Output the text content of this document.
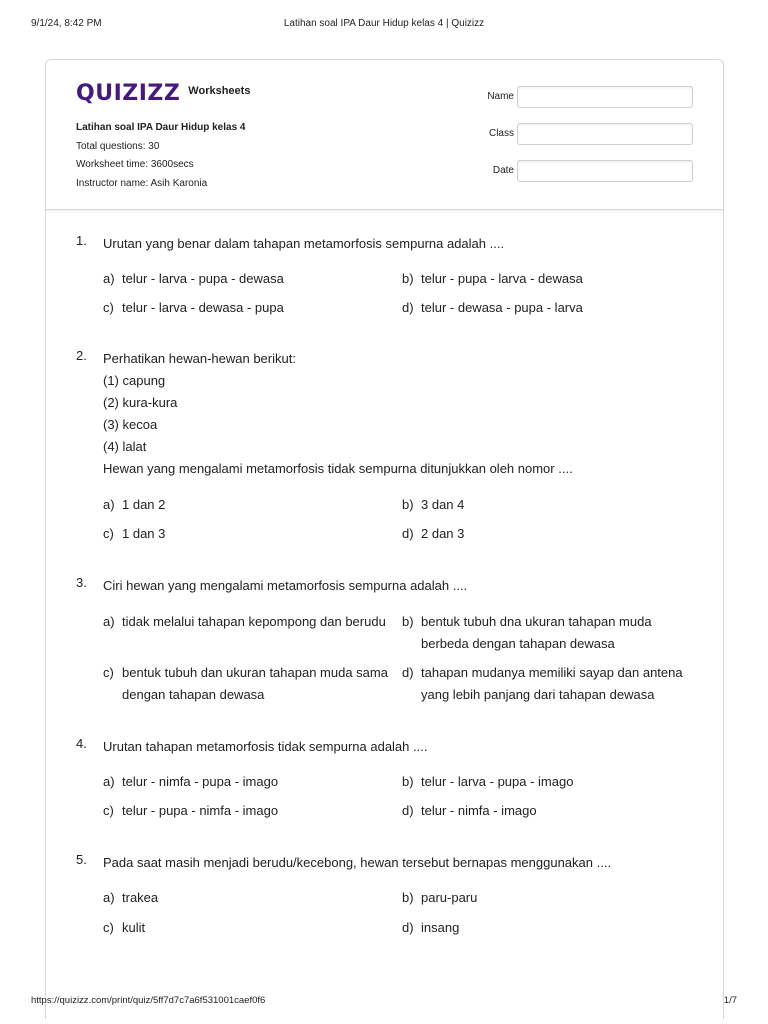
9/1/24, 8:42 PM	Latihan soal IPA Daur Hidup kelas 4 | Quizizz
QUIZIZZ Worksheets
Latihan soal IPA Daur Hidup kelas 4
Total questions: 30
Worksheet time: 3600secs
Instructor name: Asih Karonia
Name
Class
Date
1. Urutan yang benar dalam tahapan metamorfosis sempurna adalah ....
a) telur - larva - pupa - dewasa	b) telur - pupa - larva - dewasa
c) telur - larva - dewasa - pupa	d) telur - dewasa - pupa - larva
2. Perhatikan hewan-hewan berikut:
(1) capung
(2) kura-kura
(3) kecoa
(4) lalat
Hewan yang mengalami metamorfosis tidak sempurna ditunjukkan oleh nomor ....
a) 1 dan 2	b) 3 dan 4
c) 1 dan 3	d) 2 dan 3
3. Ciri hewan yang mengalami metamorfosis sempurna adalah ....
a) tidak melalui tahapan kepompong dan berudu	b) bentuk tubuh dna ukuran tahapan muda berbeda dengan tahapan dewasa
c) bentuk tubuh dan ukuran tahapan muda sama dengan tahapan dewasa
d) tahapan mudanya memiliki sayap dan antena yang lebih panjang dari tahapan dewasa
4. Urutan tahapan metamorfosis tidak sempurna adalah ....
a) telur - nimfa - pupa - imago	b) telur - larva - pupa - imago
c) telur - pupa - nimfa - imago	d) telur - nimfa - imago
5. Pada saat masih menjadi berudu/kecebong, hewan tersebut bernapas menggunakan ....
a) trakea	b) paru-paru
c) kulit	d) insang
https://quizizz.com/print/quiz/5ff7d7c7a6f531001caef0f6	1/7
